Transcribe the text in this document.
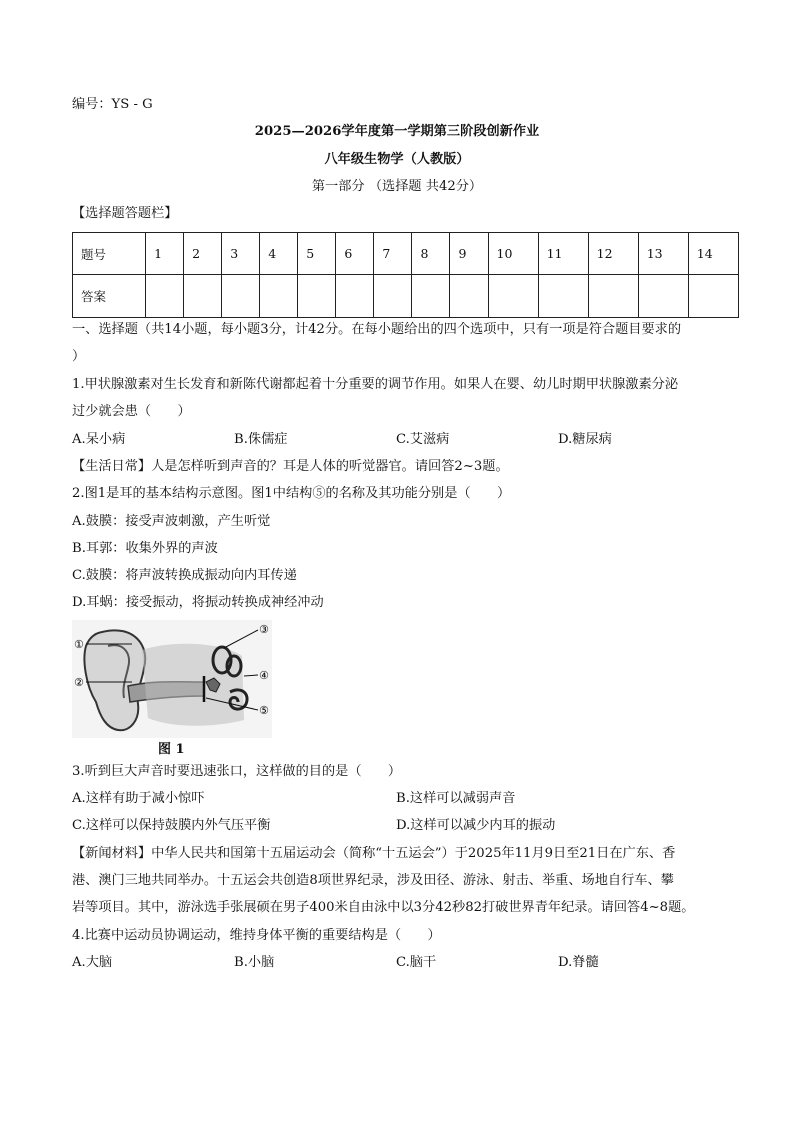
编号：YS - G
2025—2026学年度第一学期第三阶段创新作业
八年级生物学（人教版）
第一部分 （选择题 共42分）
【选择题答题栏】
题号	1	2	3	4	5	6	7	8	9	10	11	12	13	14
答案														
一、选择题（共14小题，每小题3分，计42分。在每小题给出的四个选项中，只有一项是符合题目要求的
）
1.甲状腺激素对生长发育和新陈代谢都起着十分重要的调节作用。如果人在婴、幼儿时期甲状腺激素分泌
过少就会患（　　）
A.呆小病	B.侏儒症	C.艾滋病	D.糖尿病
【生活日常】人是怎样听到声音的？耳是人体的听觉器官。请回答2~3题。
2.图1是耳的基本结构示意图。图1中结构⑤的名称及其功能分别是（　　）
A.鼓膜：接受声波刺激，产生听觉
B.耳郭：收集外界的声波
C.鼓膜：将声波转换成振动向内耳传递
D.耳蜗：接受振动，将振动转换成神经冲动
①
②
③
④
⑤
图 1
3.听到巨大声音时要迅速张口，这样做的目的是（　　）
A.这样有助于减小惊吓	B.这样可以减弱声音
C.这样可以保持鼓膜内外气压平衡	D.这样可以减少内耳的振动
【新闻材料】中华人民共和国第十五届运动会（简称“十五运会”）于2025年11月9日至21日在广东、香
港、澳门三地共同举办。十五运会共创造8项世界纪录，涉及田径、游泳、射击、举重、场地自行车、攀
岩等项目。其中，游泳选手张展硕在男子400米自由泳中以3分42秒82打破世界青年纪录。请回答4~8题。
4.比赛中运动员协调运动，维持身体平衡的重要结构是（　　）
A.大脑	B.小脑	C.脑干	D.脊髓
